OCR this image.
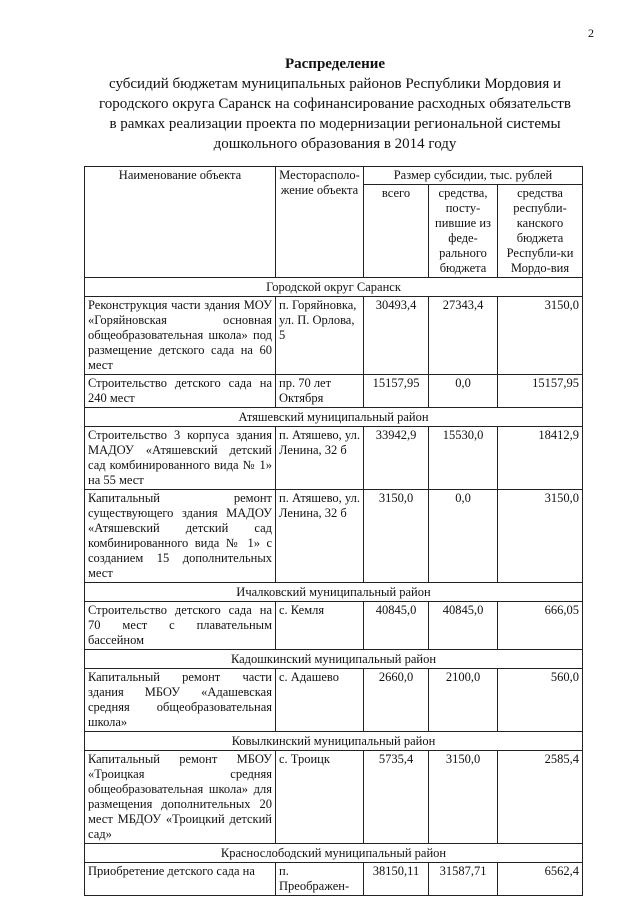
2
Распределение
субсидий бюджетам муниципальных районов Республики Мордовия и
городского округа Саранск на софинансирование расходных обязательств
в рамках реализации проекта по модернизации региональной системы
дошкольного образования в 2014 году
Наименование объекта	Месторасполо-жение объекта	Размер субсидии, тыс. рублей		
		всего	средства, посту-пившие из феде-рального бюджета	средства республи-канского бюджета Республи-ки Мордо-вия
Городской округ Саранск				
Реконструкция части здания МОУ «Горяйновская основная общеобразовательная школа» под размещение детского сада на 60 мест	п. Горяйновка, ул. П. Орлова, 5	30493,4	27343,4	3150,0
Строительство детского сада на 240 мест	пр. 70 лет Октября	15157,95	0,0	15157,95
Атяшевский муниципальный район				
Строительство 3 корпуса здания МАДОУ «Атяшевский детский сад комбинированного вида № 1» на 55 мест	п. Атяшево, ул. Ленина, 32 б	33942,9	15530,0	18412,9
Капитальный ремонт существующего здания МАДОУ «Атяшевский детский сад комбинированного вида № 1» с созданием 15 дополнительных мест	п. Атяшево, ул. Ленина, 32 б	3150,0	0,0	3150,0
Ичалковский муниципальный район				
Строительство детского сада на 70 мест с плавательным бассейном	с. Кемля	40845,0	40845,0	666,05
Кадошкинский муниципальный район				
Капитальный ремонт части здания МБОУ «Адашевская средняя общеобразовательная школа»	с. Адашево	2660,0	2100,0	560,0
Ковылкинский муниципальный район				
Капитальный ремонт МБОУ «Троицкая средняя общеобразовательная школа» для размещения дополнительных 20 мест МБДОУ «Троицкий детский сад»	с. Троицк	5735,4	3150,0	2585,4
Краснослободский муниципальный район				
Приобретение детского сада на	п. Преображен-	38150,11	31587,71	6562,4
